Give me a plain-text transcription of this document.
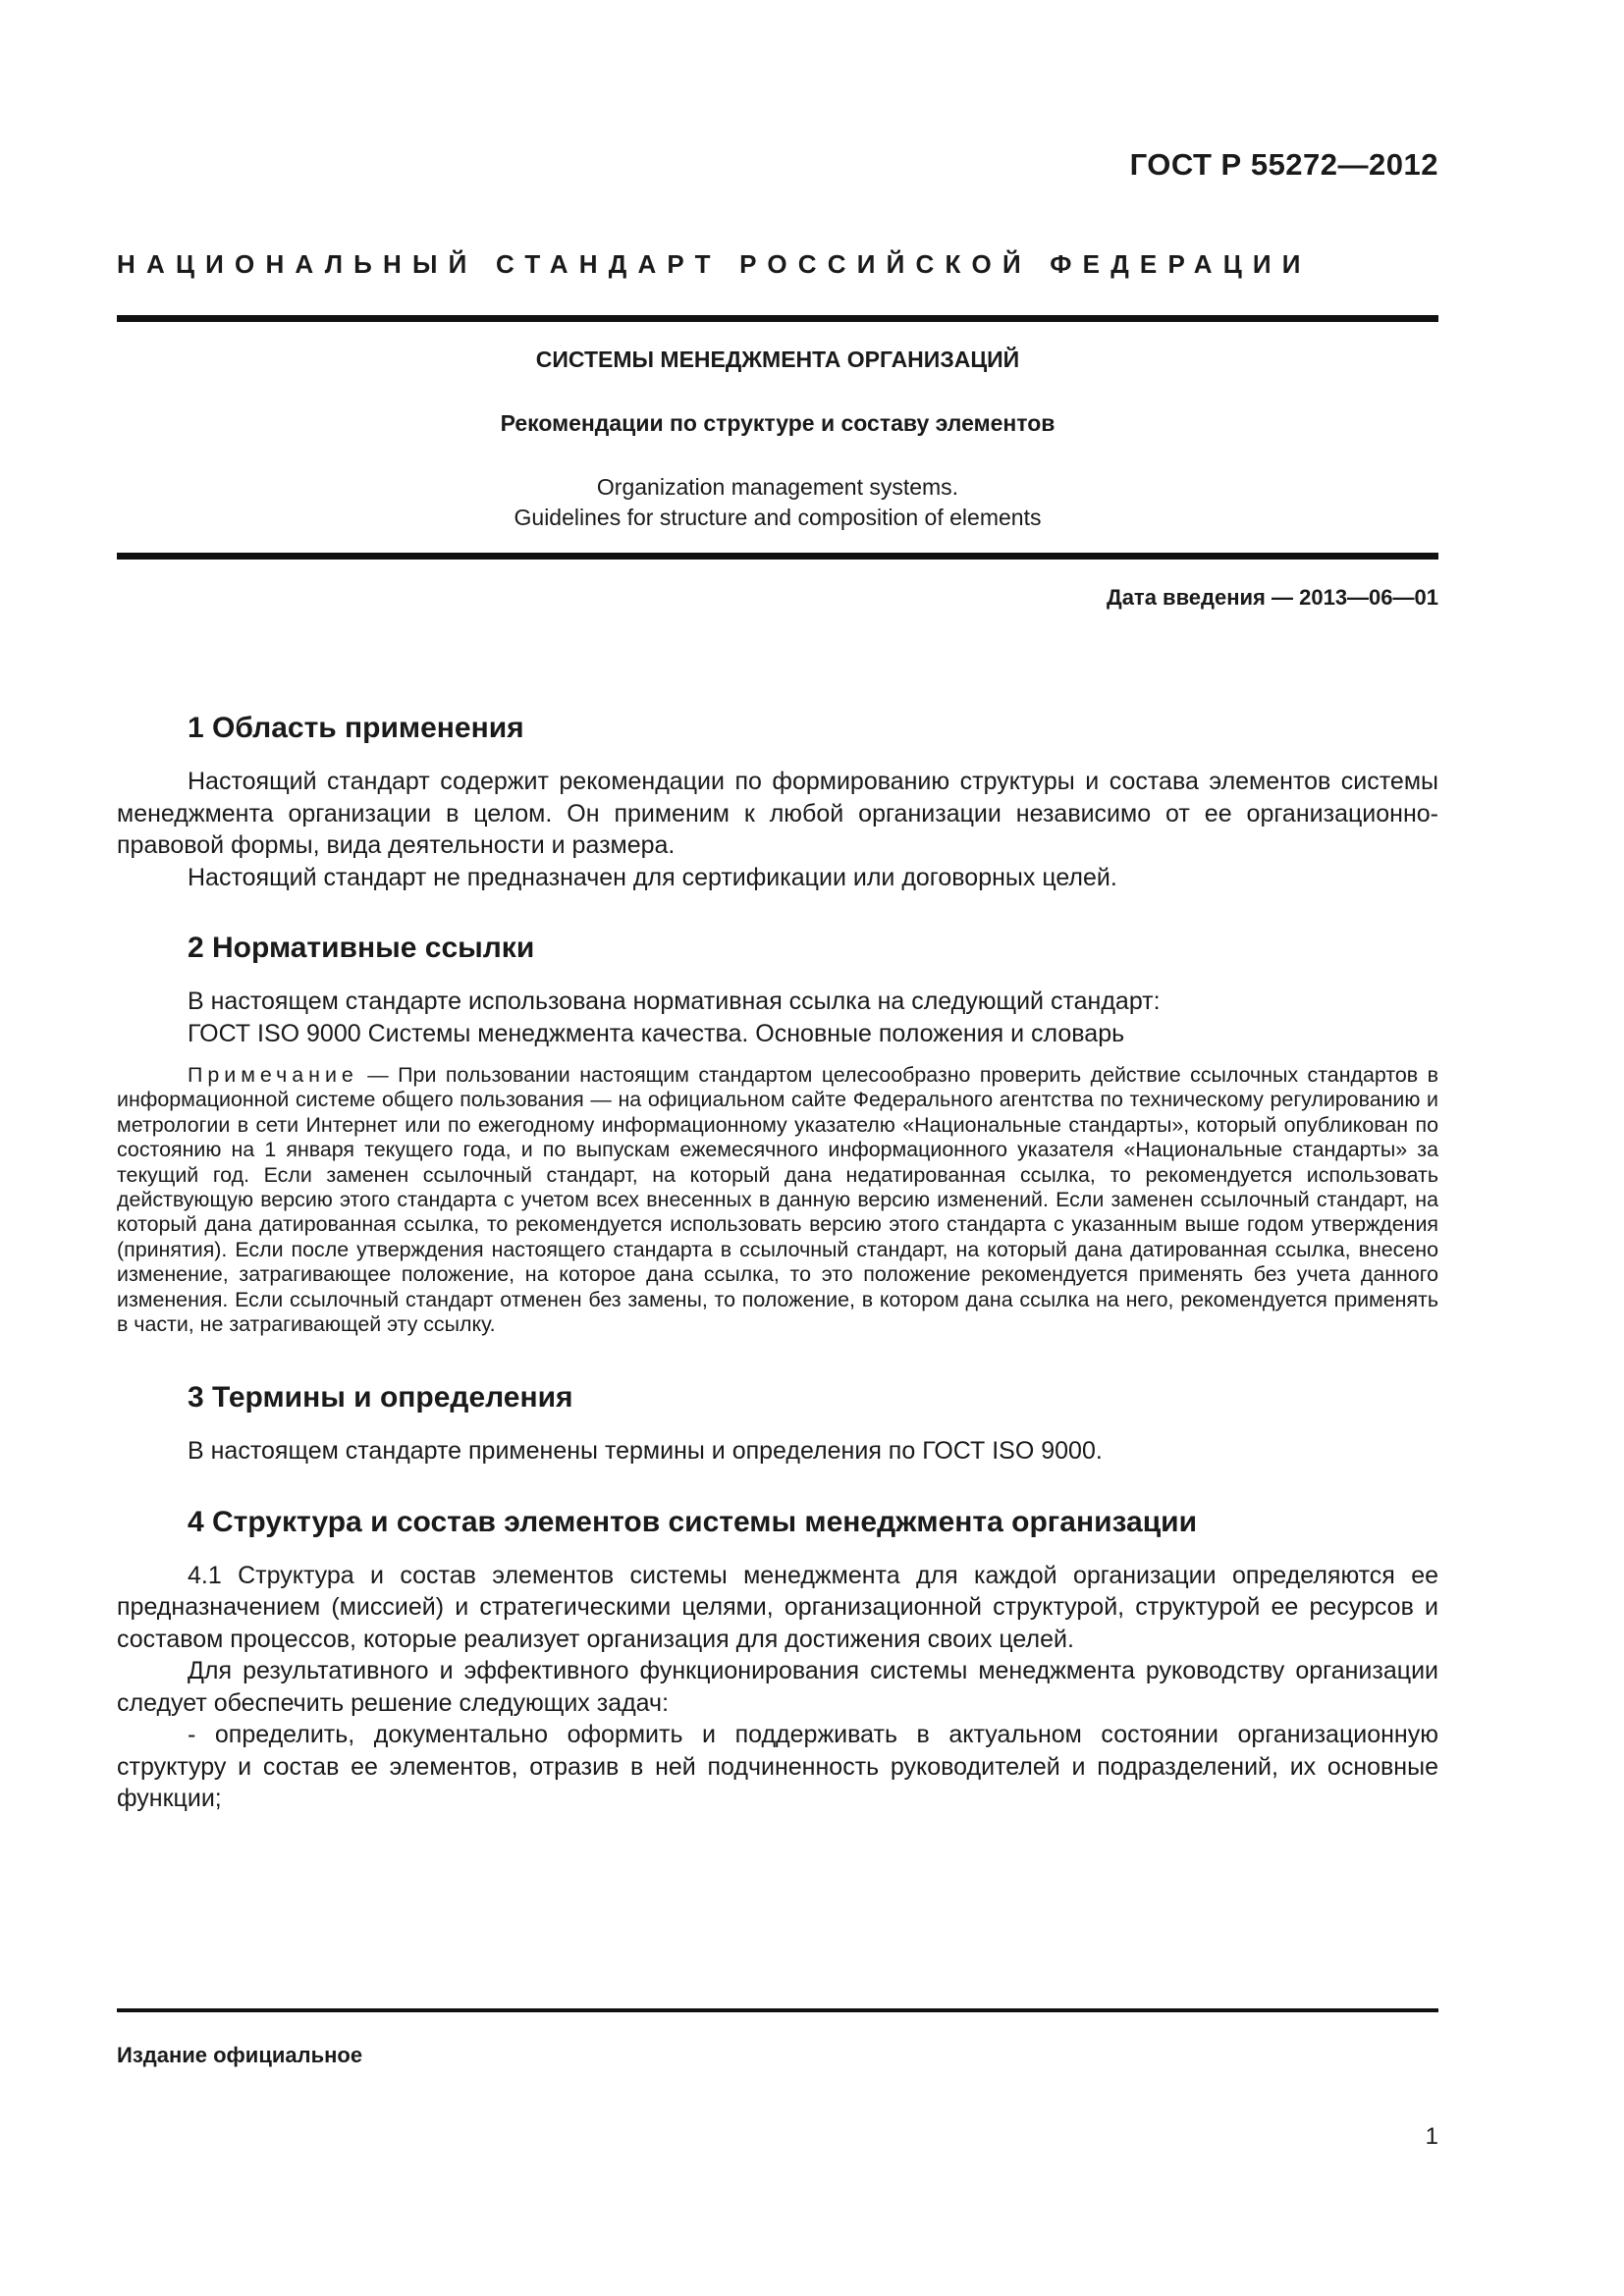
ГОСТ Р 55272—2012
НАЦИОНАЛЬНЫЙ СТАНДАРТ РОССИЙСКОЙ ФЕДЕРАЦИИ
СИСТЕМЫ МЕНЕДЖМЕНТА ОРГАНИЗАЦИЙ
Рекомендации по структуре и составу элементов
Organization management systems.
Guidelines for structure and composition of elements
Дата введения — 2013—06—01
1 Область применения

Настоящий стандарт содержит рекомендации по формированию структуры и состава элементов системы менеджмента организации в целом. Он применим к любой организации независимо от ее организационно-правовой формы, вида деятельности и размера.

Настоящий стандарт не предназначен для сертификации или договорных целей.

2 Нормативные ссылки

В настоящем стандарте использована нормативная ссылка на следующий стандарт:

ГОСТ ISO 9000 Системы менеджмента качества. Основные положения и словарь

Примечание — При пользовании настоящим стандартом целесообразно проверить действие ссылочных стандартов в информационной системе общего пользования — на официальном сайте Федерального агентства по техническому регулированию и метрологии в сети Интернет или по ежегодному информационному указателю «Национальные стандарты», который опубликован по состоянию на 1 января текущего года, и по выпускам ежемесячного информационного указателя «Национальные стандарты» за текущий год. Если заменен ссылочный стандарт, на который дана недатированная ссылка, то рекомендуется использовать действующую версию этого стандарта с учетом всех внесенных в данную версию изменений. Если заменен ссылочный стандарт, на который дана датированная ссылка, то рекомендуется использовать версию этого стандарта с указанным выше годом утверждения (принятия). Если после утверждения настоящего стандарта в ссылочный стандарт, на который дана датированная ссылка, внесено изменение, затрагивающее положение, на которое дана ссылка, то это положение рекомендуется применять без учета данного изменения. Если ссылочный стандарт отменен без замены, то положение, в котором дана ссылка на него, рекомендуется применять в части, не затрагивающей эту ссылку.

3 Термины и определения

В настоящем стандарте применены термины и определения по ГОСТ ISO 9000.

4 Структура и состав элементов системы менеджмента организации

4.1 Структура и состав элементов системы менеджмента для каждой организации определяются ее предназначением (миссией) и стратегическими целями, организационной структурой, структурой ее ресурсов и составом процессов, которые реализует организация для достижения своих целей.

Для результативного и эффективного функционирования системы менеджмента руководству организации следует обеспечить решение следующих задач:

- определить, документально оформить и поддерживать в актуальном состоянии организационную структуру и состав ее элементов, отразив в ней подчиненность руководителей и подразделений, их основные функции;

Издание официальное
1
